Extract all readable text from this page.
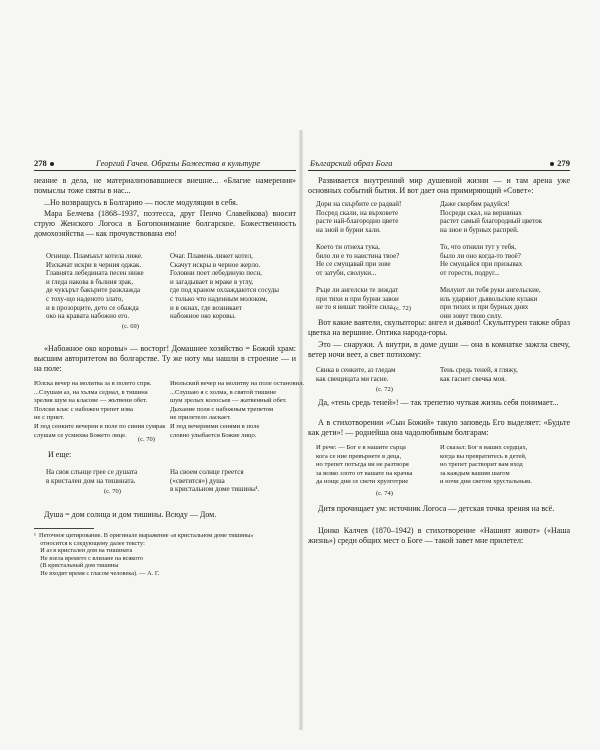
278	Георгий Гачев. Образы Божества в культуре

неание в дела, не материализовавшиеся внешне... «Благие намерения» помыслы тоже святы в нас...

...Но возвращусь в Болгарию — после модуляции в себя.

Мара Белчева (1868–1937, поэтесса, друг Пенчо Славейкова) вносит струю Женского Логоса в Богопонимание болгарское. Божественность домохозяйства — как прочувствована ею!

Огнище. Пламъкът котела лиже.
Изскачат искри в черния оджак.
Главнята лебедината песен ниже
и гледа накова в бълния зрак,
де чукърът бакърите разклажда
с тоху-що наденото злато,
и в прозорците, дето се обажда
око на кравата набожно его.

Очаг. Пламень лижет котел,
Скачут искры в черное жерло.
Головни поет лебединую песн,
и загадывает в мраке в углу,
где под краном охлаждаются сосуды
с только что наденным молоком,
и в окнах, где возникает
набожное око коровы.

(с. 69)

«Набожное око коровы» — восторг! Домашнее хозяйство = Божий храм: высшим авторитетом во болгарстве. Ту же ноту мы нашли в строение — и на поле:

Юлска вечер на молитва за в полето спря.
...Слушам аз, на хълма седнал, в тишина
зрелия шум на класове — жътвени обет.
Полски клас с набожен трепет изва
не с прнет.
И под сенките вечерни в поле по синия сумрак
слушам се усмихва Божето лице.

Июльский вечер на молитву на поле остановил.
...Слушаю я с холма, в святой тишине
шум зрелых колосьев — жатвенный обет.
Дыхание поля с набожным трепетом
не прилетело ласкает.
И под вечерними сенями в поле
словно улыбается Божие лицо.

(с. 70)

И еще:

На своя слънце грее се душата
в кристален дом на тишината.

На своем солнце греется
(«светится») душа
в кристальном доме тишины¹.

(с. 70)

Душа = дом солнца и дом тишины. Всюду — Дом.

¹  Неточное цитирование. В оригинале выражение «в кристальном доме тишины»
относится к следующему далее тексту:
И аз в кристален дом на тишината
Не взела времето с влизане на всякото
(В кристальный дом тишины
Не входит время с гласом человека). — А. Г.

Българский образ Бога	279

Развивается внутренний мир душевной жизни — и там арена уже основных событий бытия. И вот дает она примиряющий «Совет»:

Дори на скърбите се радвай!
Посред скали, на върховете
расте най-благородно цвете
на зной и бурни хали.

Което ти отнеха тука,
било ли е то наистина твое?
Не се смущавай при зове
от затуби, сволуки...

Ръце ли ангелски те зиждат
при тихи и при бурни завои
не то я вишат твойте сила.

Даже скорбям радуйся!
Посреди скал, на вершинах
растет самый благородный цветок
на зное и бурных распрей.

То, что отняли тут у тебя,
было ли оно когда-то твоё?
Не смущайся при призывах
от горести, подруг...

Милуют ли тебя руки ангельские,
иль ударяют дьявольские кулаки
при тихих и при бурных днях
они зовут твою силу.

(с. 72)

Вот какие ваятели, скульпторы: ангел и дьявол! Скульптурен также образ цветка на вершине. Оптика народа-горы.

Это — снаружи. А внутри, в доме души — она в комнатке зажгла свечу, ветер ночи веет, а свет потихому:

Сянка в сенките, аз гледам
как свещицата ми гасне.

Тень средь теней, я гляжу,
как гаснет свечка моя.

(с. 72)

Да, «тень средь теней»! — так трепетно чуткая жизнь себя понимает...

А в стихотворении «Сын Божий» такую заповедь Его выделяет: «Будьте как дети»! — роднейша она чадолюбивым болгарам:

И рече: — Бог е в нашите сърца
кога се ние превърнете в деца,
но трепет потъгда ви не разтворя
за всяко злото от вашате на крачка
да ноще дни сe свети хрулготрие

И сказал: Бог в ваших сердцах,
когда вы превратитесь в детей,
но трепет растворит вам вход
зa каждым вашим шагом
и ночи дни светом хрустальным.

(с. 74)

Дитя прочищает ум: источник Логоса — детская точка зрения на всё.

Цонко Калчев (1870–1942) в стихотворение «Нашият живот» («Наша жизнь») среди общих мест о Боге — такой завет мне прилетел:
